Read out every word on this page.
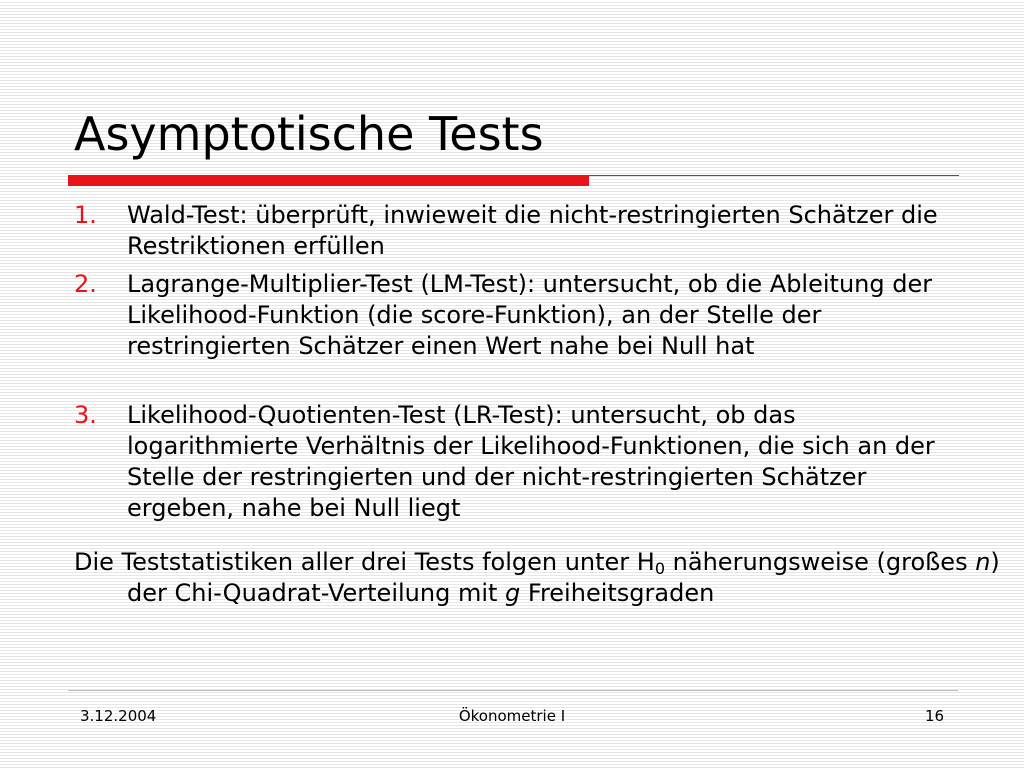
Asymptotische Tests
1. Wald-Test: überprüft, inwieweit die nicht-restringierten Schätzer die Restriktionen erfüllen
2. Lagrange-Multiplier-Test (LM-Test): untersucht, ob die Ableitung der Likelihood-Funktion (die score-Funktion), an der Stelle der restringierten Schätzer einen Wert nahe bei Null hat
3. Likelihood-Quotienten-Test (LR-Test): untersucht, ob das logarithmierte Verhältnis der Likelihood-Funktionen, die sich an der Stelle der restringierten und der nicht-restringierten Schätzer ergeben, nahe bei Null liegt
Die Teststatistiken aller drei Tests folgen unter $H_0$ näherungsweise (großes n) der Chi-Quadrat-Verteilung mit g Freiheitsgraden
3.12.2004	Ökonometrie I	16
